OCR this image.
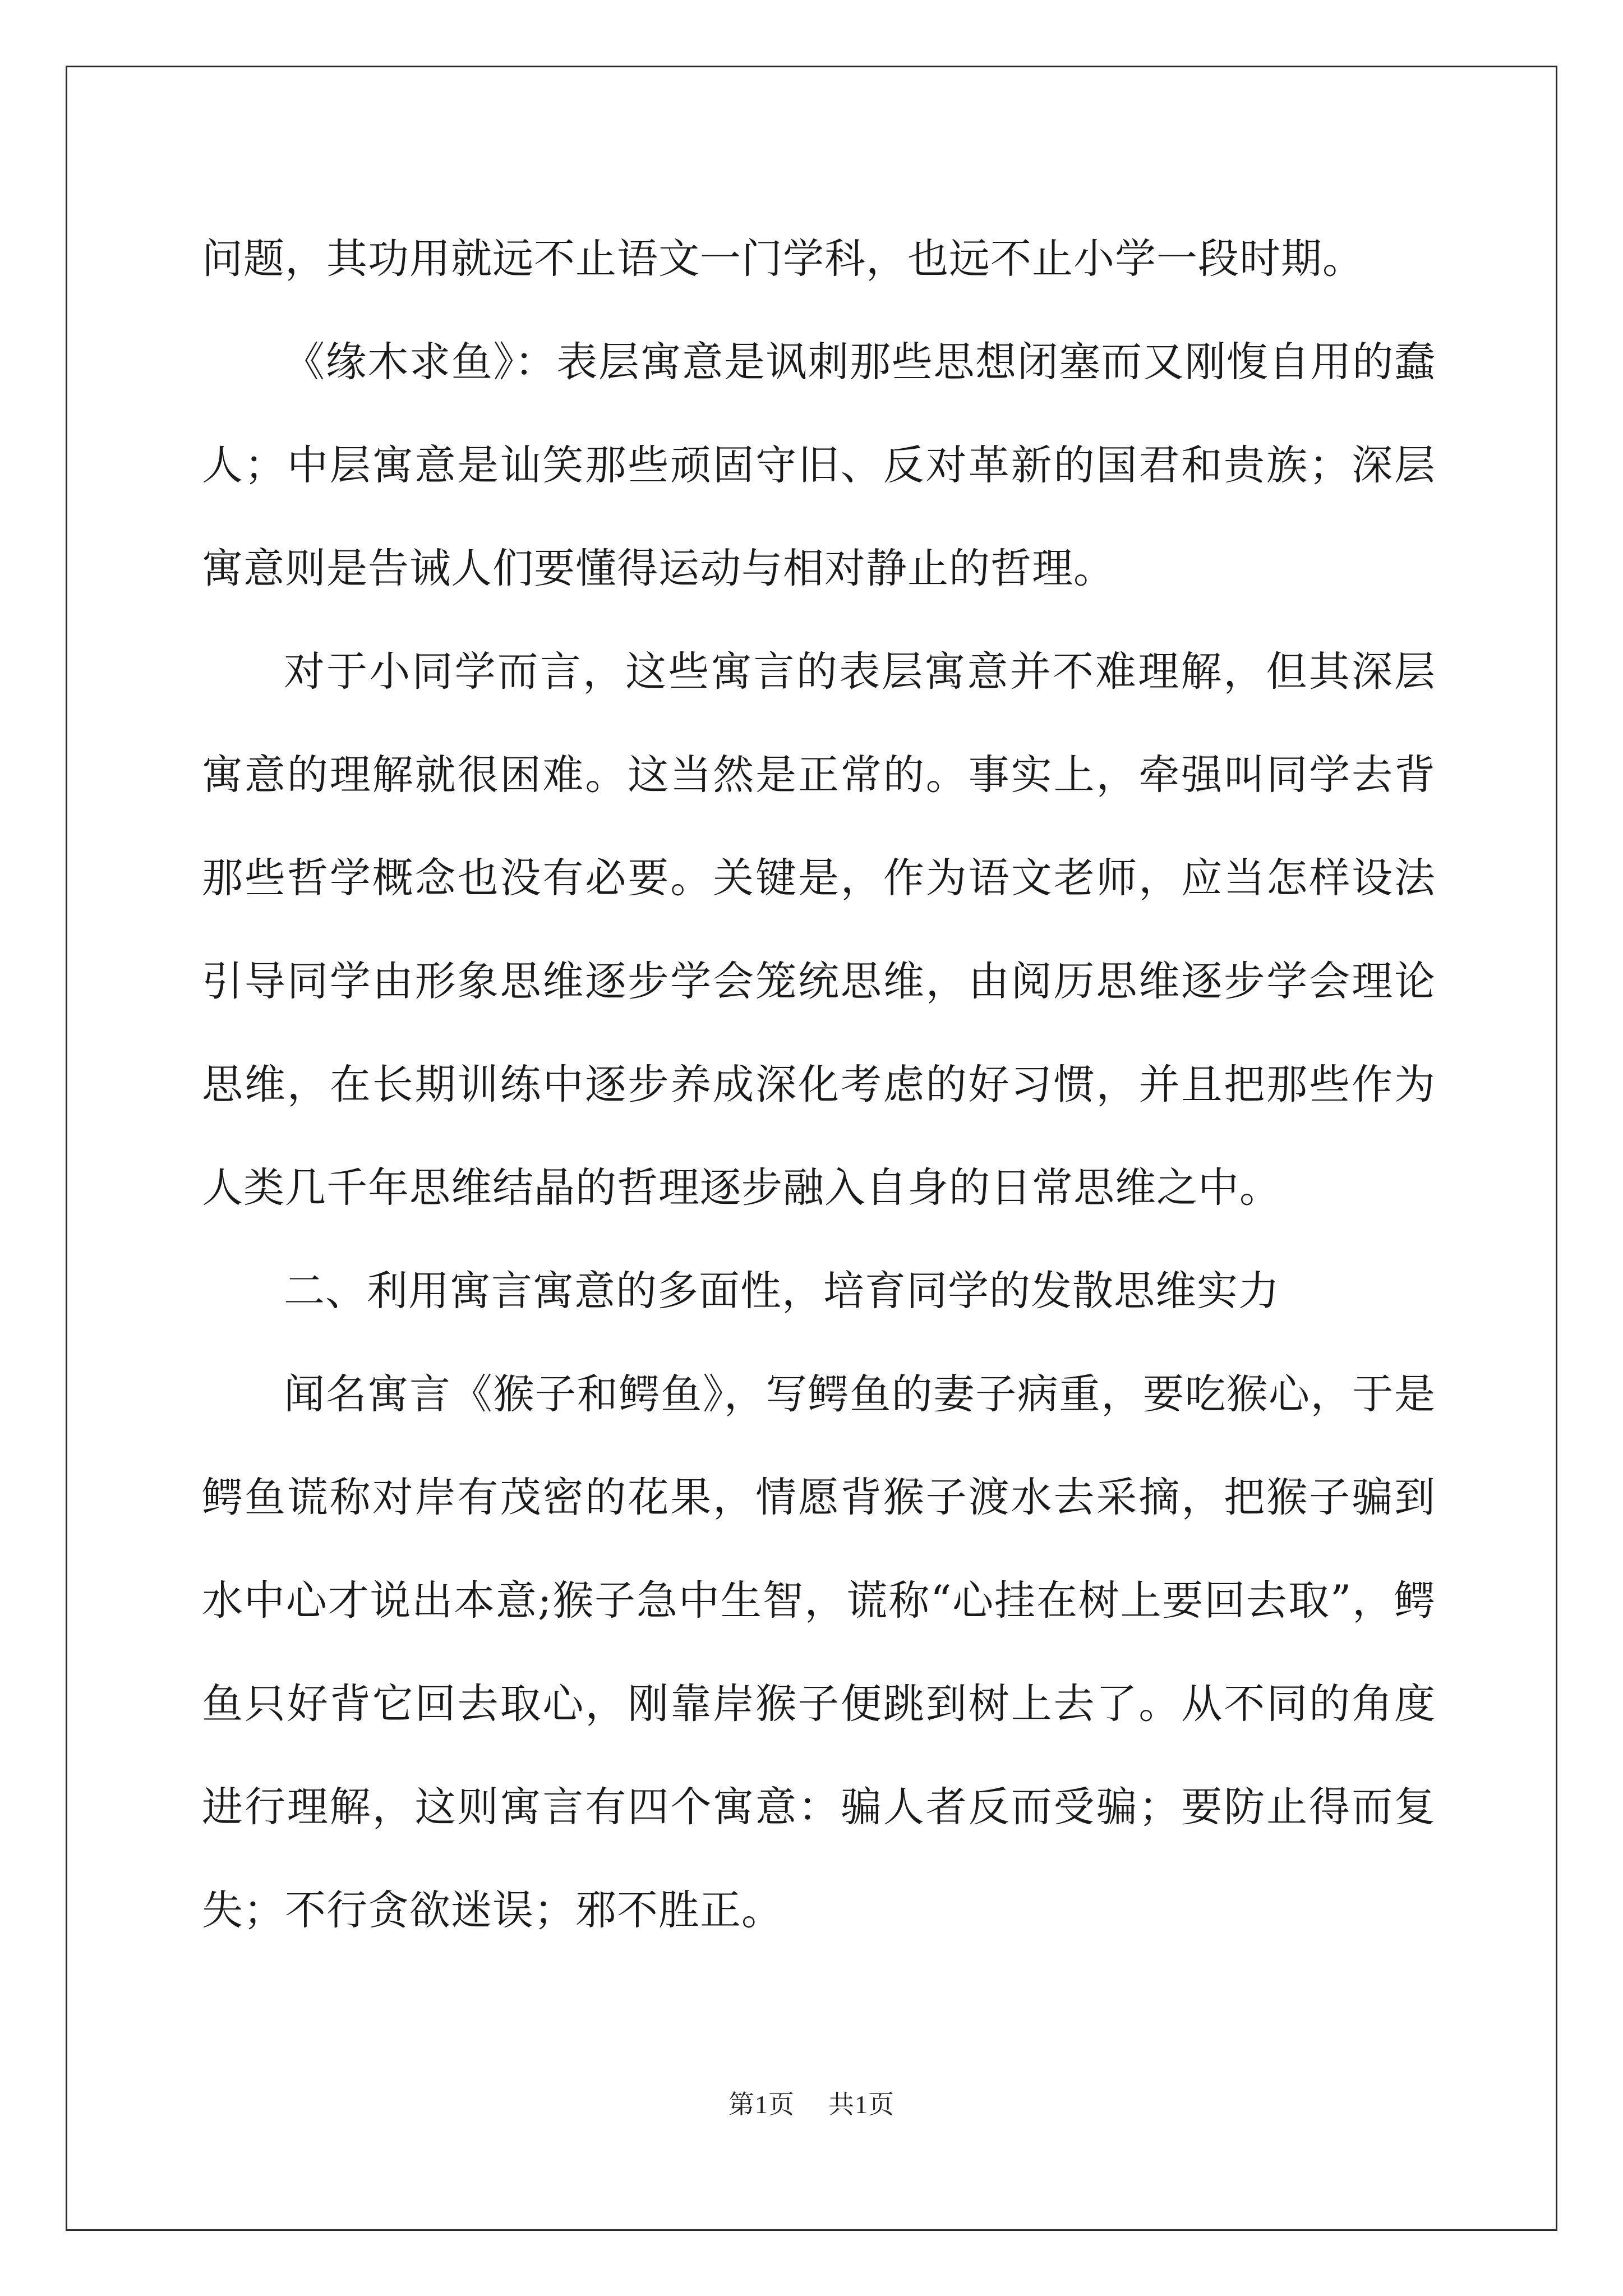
问题，其功用就远不止语文一门学科，也远不止小学一段时期。

《缘木求鱼》：表层寓意是讽刺那些思想闭塞而又刚愎自用的蠢人；中层寓意是讪笑那些顽固守旧、反对革新的国君和贵族；深层寓意则是告诫人们要懂得运动与相对静止的哲理。

对于小同学而言，这些寓言的表层寓意并不难理解，但其深层寓意的理解就很困难。这当然是正常的。事实上，牵强叫同学去背那些哲学概念也没有必要。关键是，作为语文老师，应当怎样设法引导同学由形象思维逐步学会笼统思维，由阅历思维逐步学会理论思维，在长期训练中逐步养成深化考虑的好习惯，并且把那些作为人类几千年思维结晶的哲理逐步融入自身的日常思维之中。

二、利用寓言寓意的多面性，培育同学的发散思维实力

闻名寓言《猴子和鳄鱼》，写鳄鱼的妻子病重，要吃猴心，于是鳄鱼谎称对岸有茂密的花果，情愿背猴子渡水去采摘，把猴子骗到水中心才说出本意;猴子急中生智，谎称“心挂在树上要回去取”，鳄鱼只好背它回去取心，刚靠岸猴子便跳到树上去了。从不同的角度进行理解，这则寓言有四个寓意：骗人者反而受骗；要防止得而复失；不行贪欲迷误；邪不胜正。

第1页 共1页
